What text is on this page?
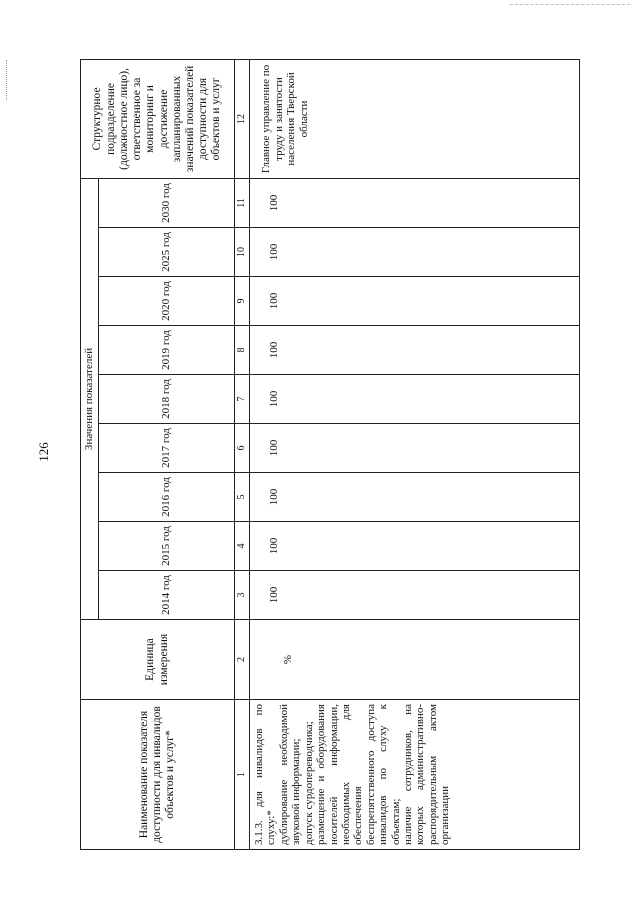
126
Наименование показателя доступности для инвалидов объектов и услуг*	Единица измерения	Значения показателей									Структурное подразделение (должностное лицо), ответственное за мониторинг и достижение запланированных значений показателей доступности для объектов и услуг
		2014 год	2015 год	2016 год	2017 год	2018 год	2019 год	2020 год	2025 год	2030 год	
1	2	3	4	5	6	7	8	9	10	11	12

3.1.3. для инвалидов по слуху:* дублирование необходимой звуковой информации; допуск сурдопереводчика; размещение и оборудования носителей информации, необходимых для обеспечения беспрепятственного доступа инвалидов по слуху к объектам; наличие сотрудников, на которых административно-распорядительным актом организации	%	100	100	100	100	100	100	100	100	100	Главное управление по труду и занятости населения Тверской области
